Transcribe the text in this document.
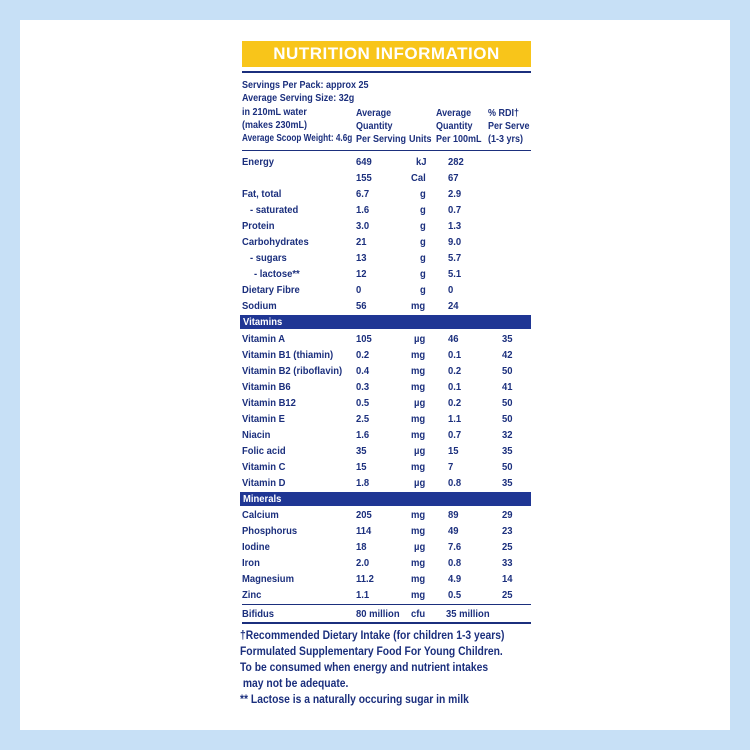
NUTRITION INFORMATION
Servings Per Pack: approx 25
Average Serving Size: 32g
in 210mL water
(makes 230mL)
Average Scoop Weight: 4.6g
Average
Quantity
Per Serving Units
Average
Quantity
Per 100mL
% RDI†
Per Serve
(1-3 yrs)
Energy	649	kJ 282
155	Cal 67
Fat, total	6.7	g 2.9
- saturated	1.6	g 0.7
Protein	3.0	g 1.3
Carbohydrates	21	g 9.0
- sugars	13	g 5.7
- lactose**	12	g 5.1
Dietary Fibre	0	g 0
Sodium	56	mg 24
Vitamins
Vitamin A	105	µg 46	35
Vitamin B1 (thiamin) 0.2	mg 0.1	42
Vitamin B2 (riboflavin) 0.4	mg 0.2	50
Vitamin B6	0.3	mg 0.1	41
Vitamin B12	0.5	µg 0.2	50
Vitamin E	2.5	mg 1.1	50
Niacin	1.6	mg 0.7	32
Folic acid	35	µg 15	35
Vitamin C	15	mg 7	50
Vitamin D	1.8	µg 0.8	35
Minerals
Calcium	205	mg 89	29
Phosphorus	114	mg 49	23
Iodine	18	µg 7.6	25
Iron	2.0	mg 0.8	33
Magnesium	11.2	mg 4.9	14
Zinc	1.1	mg 0.5	25
Bifidus	80 million cfu 35 million
†Recommended Dietary Intake (for children 1-3 years)
Formulated Supplementary Food For Young Children.
To be consumed when energy and nutrient intakes
may not be adequate.
** Lactose is a naturally occuring sugar in milk
